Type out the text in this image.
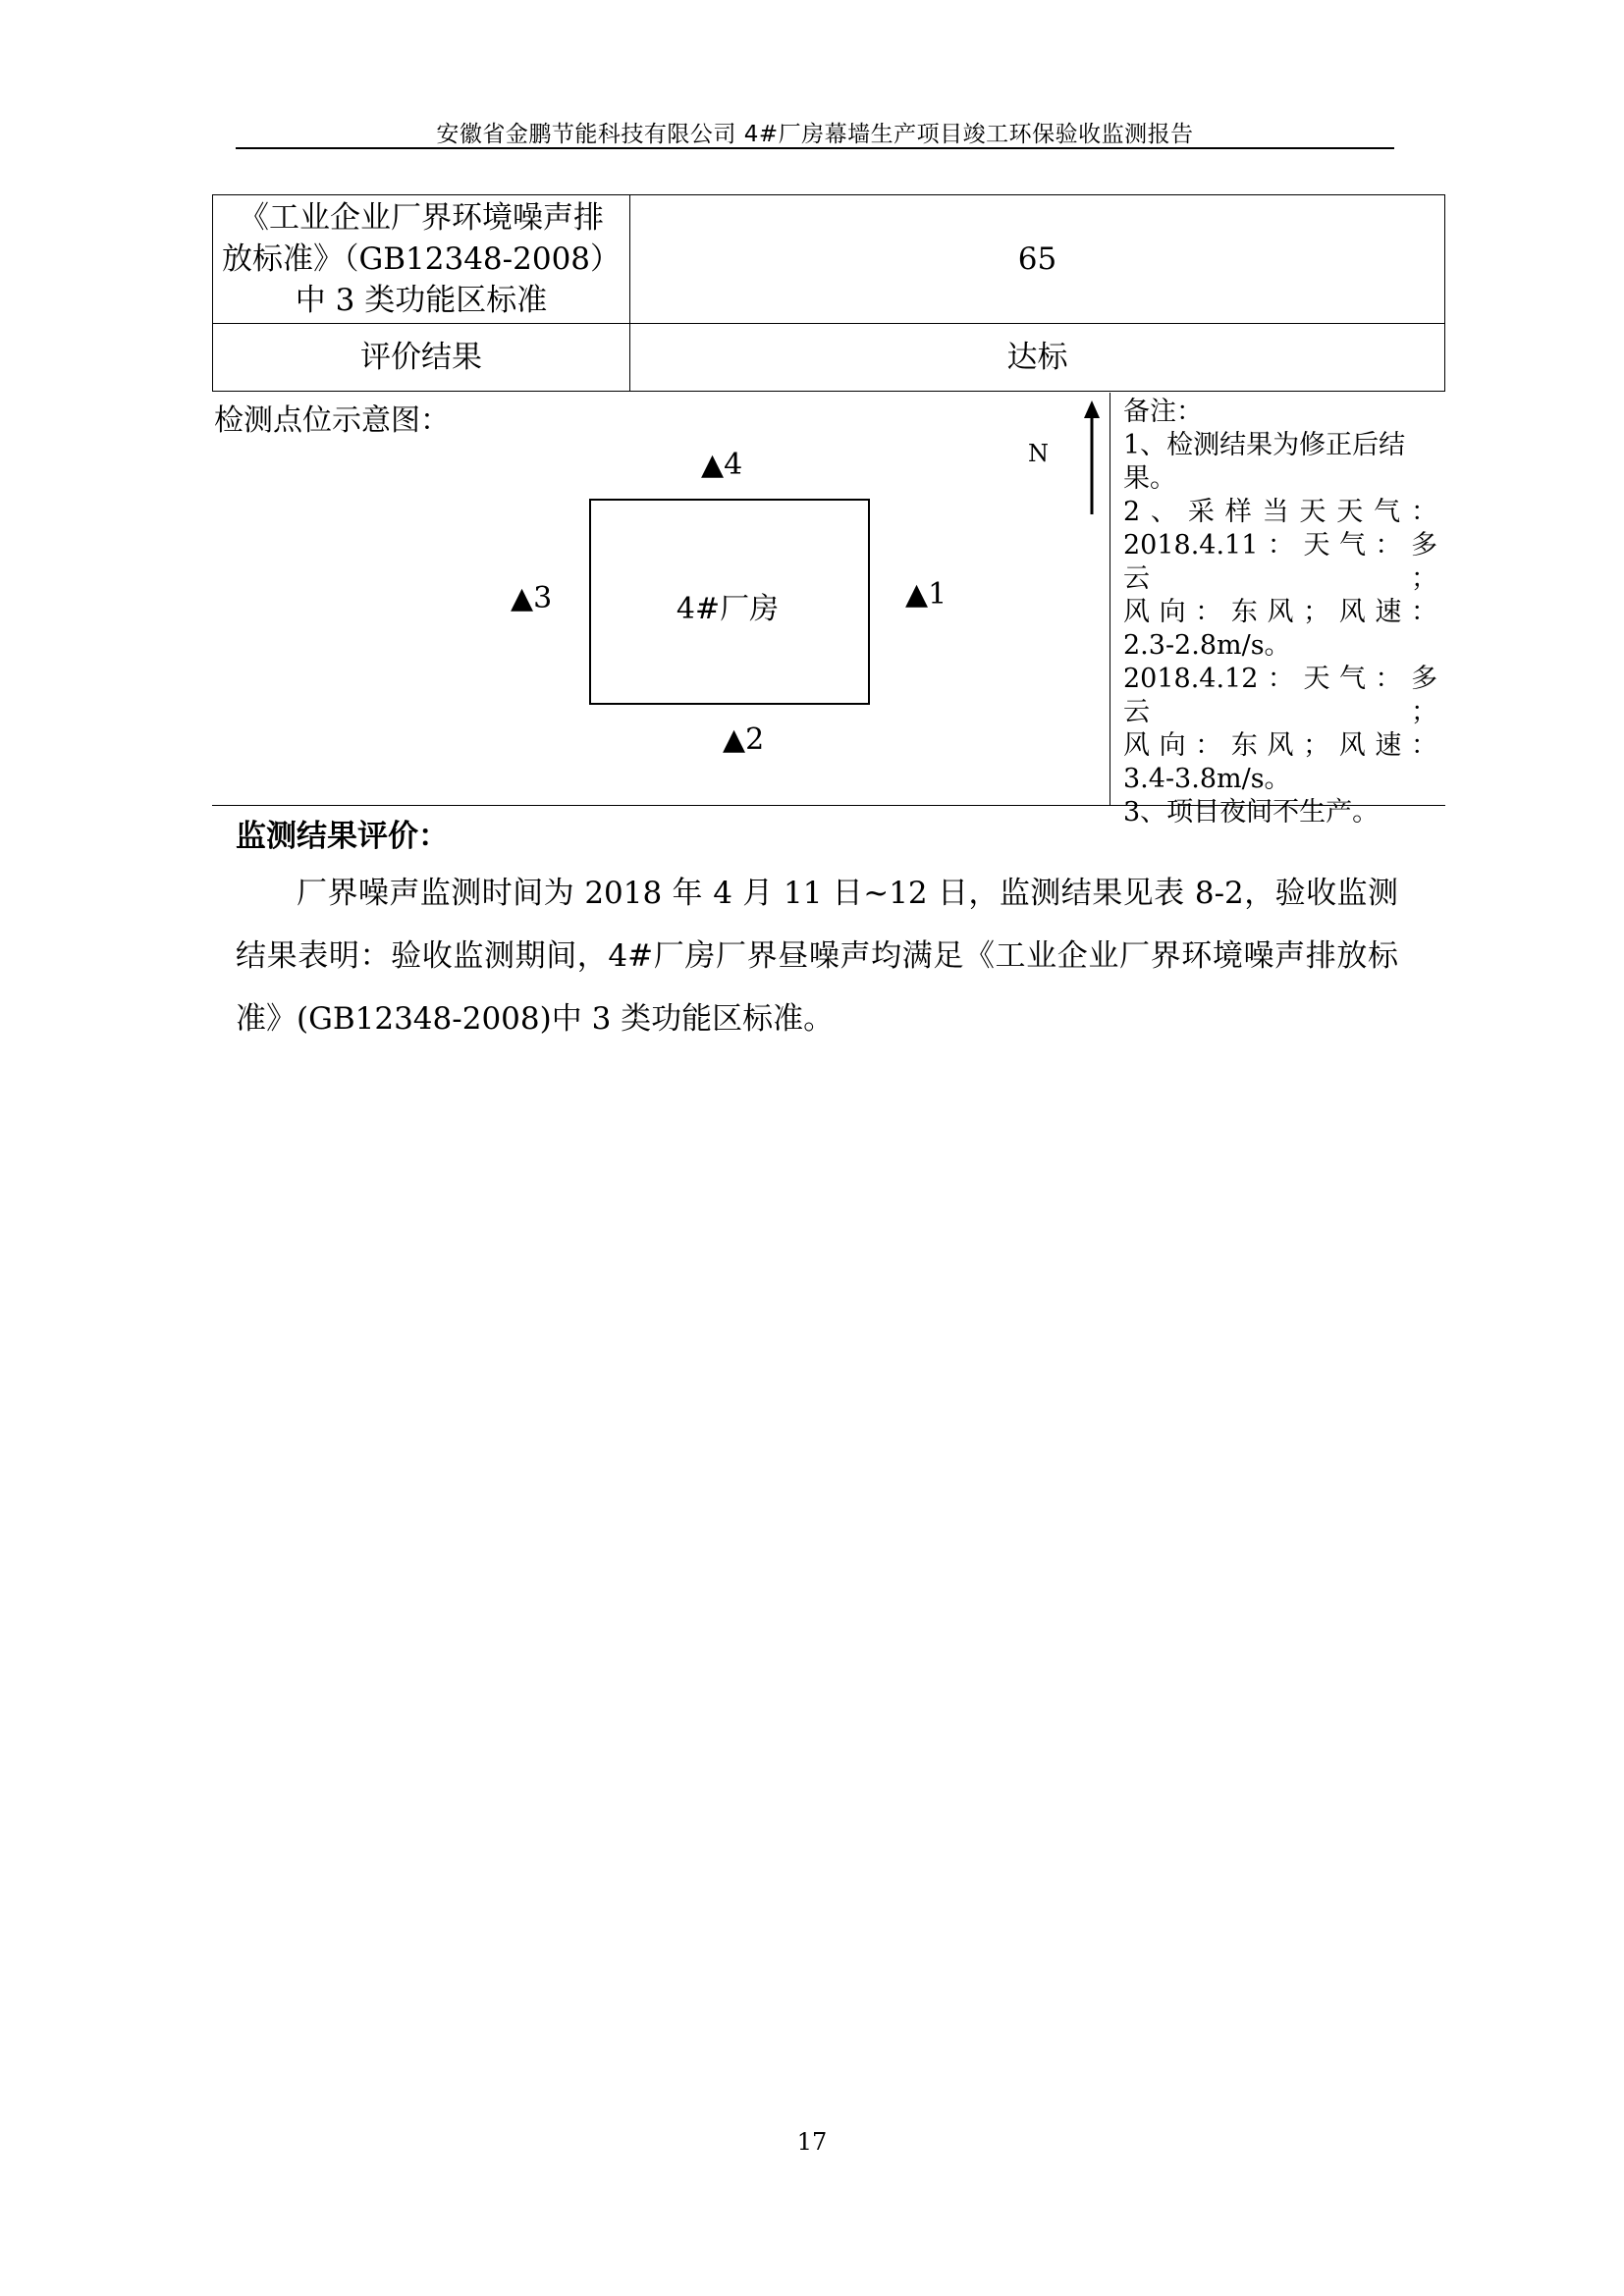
安徽省金鹏节能科技有限公司 4#厂房幕墙生产项目竣工环保验收监测报告
《工业企业厂界环境噪声排
放标准》（GB12348-2008）
中 3 类功能区标准	65
评价结果	达标
检测点位示意图：
4#厂房
▲4
▲1
▲3
▲2
N
备注：
1、检测结果为修正后结
果。
2、采样当天天气：
2018.4.11：天气：多云；
风向：东风；风速：
2.3-2.8m/s。
2018.4.12：天气：多云；
风向：东风；风速：
3.4-3.8m/s。
3、项目夜间不生产。
监测结果评价：

厂界噪声监测时间为 2018 年 4 月 11 日~12 日，监测结果见表 8-2，验收监测结果表明：验收监测期间，4#厂房厂界昼噪声均满足《工业企业厂界环境噪声排放标准》(GB12348-2008)中 3 类功能区标准。

17
